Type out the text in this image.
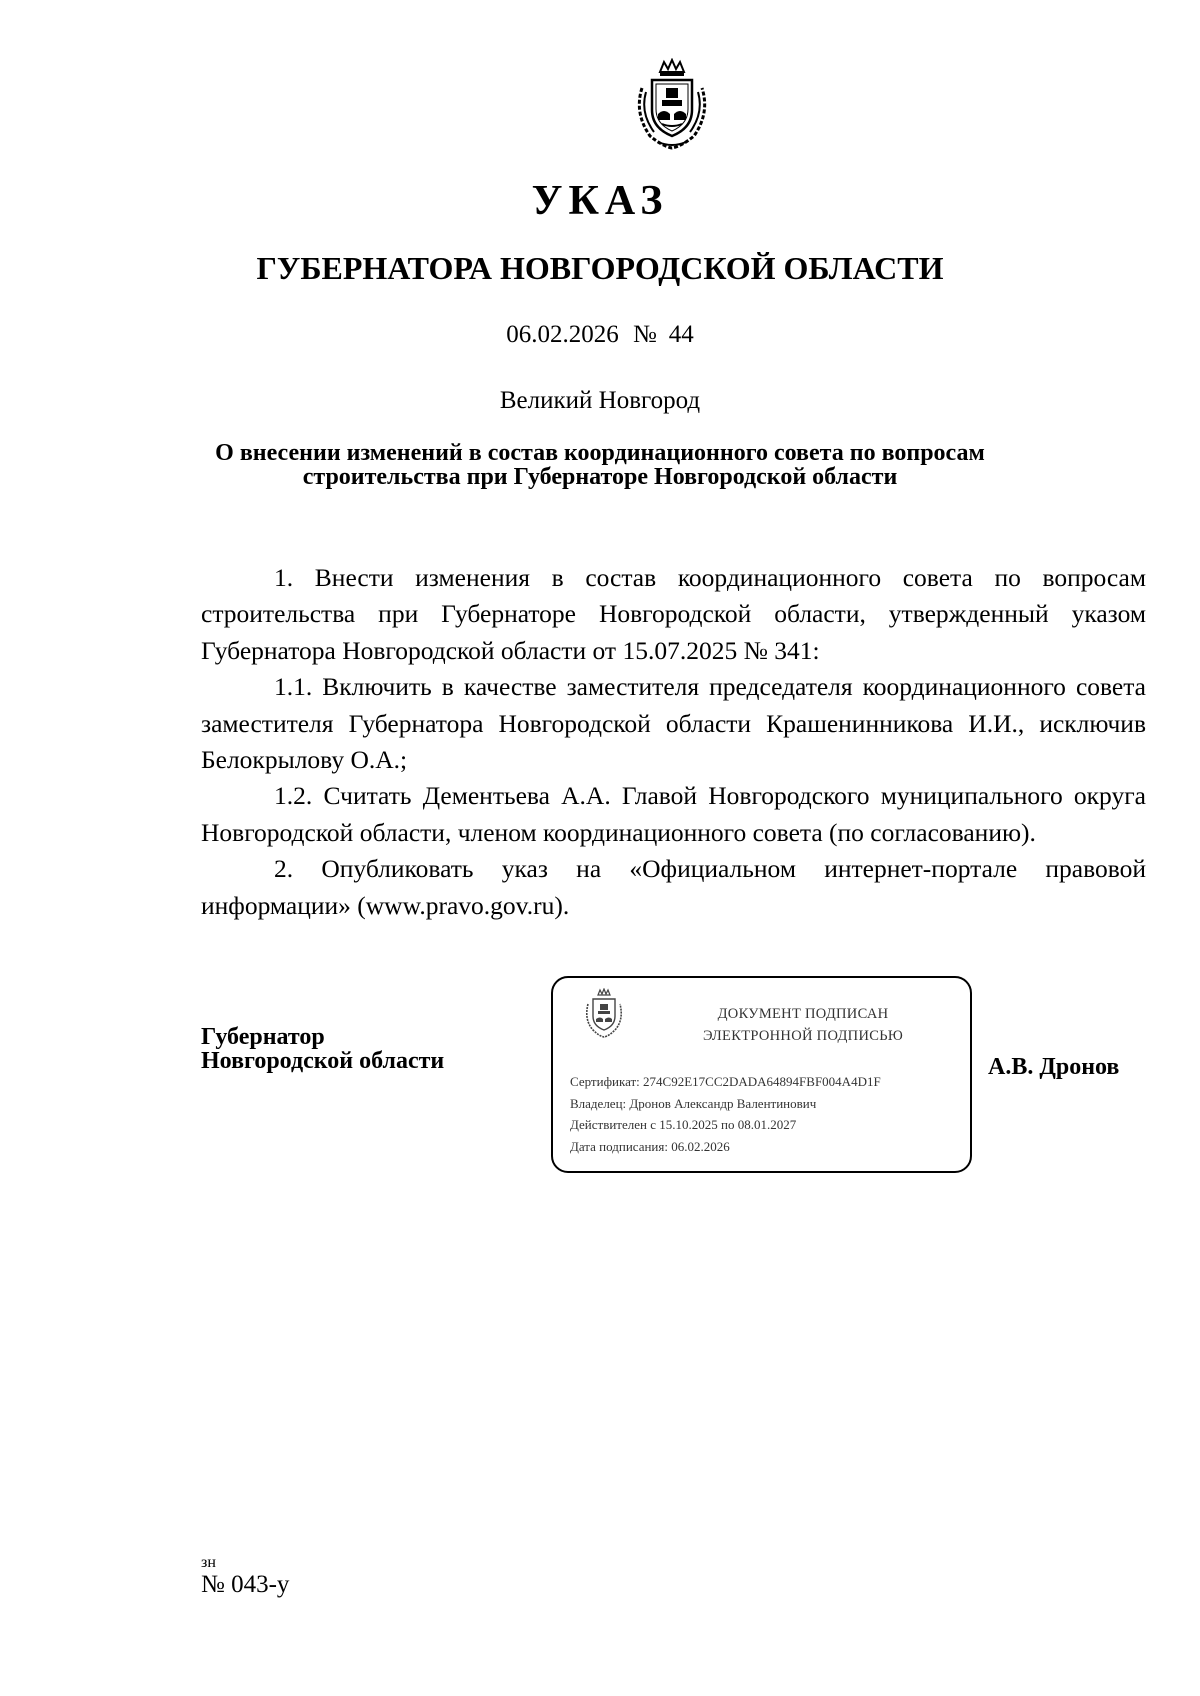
УКАЗ
ГУБЕРНАТОРА НОВГОРОДСКОЙ ОБЛАСТИ
06.02.2026 № 44
Великий Новгород
О внесении изменений в состав координационного совета по вопросам
строительства при Губернаторе Новгородской области

1. Внести изменения в состав координационного совета по вопросам строительства при Губернаторе Новгородской области, утвержденный указом Губернатора Новгородской области от 15.07.2025 № 341:

1.1. Включить в качестве заместителя председателя координационного совета заместителя Губернатора Новгородской области Крашенинникова И.И., исключив Белокрылову О.А.;

1.2. Считать Дементьева А.А. Главой Новгородского муниципального округа Новгородской области, членом координационного совета (по согласованию).

2. Опубликовать указ на «Официальном интернет-портале правовой информации» (www.pravo.gov.ru).

Губернатор
Новгородской области
ДОКУМЕНТ ПОДПИСАН
ЭЛЕКТРОННОЙ ПОДПИСЬЮ
Сертификат: 274C92E17CC2DADA64894FBF004A4D1F
Владелец: Дронов Александр Валентинович
Действителен с 15.10.2025 по 08.01.2027
Дата подписания: 06.02.2026
А.В. Дронов
зн
№ 043-у
